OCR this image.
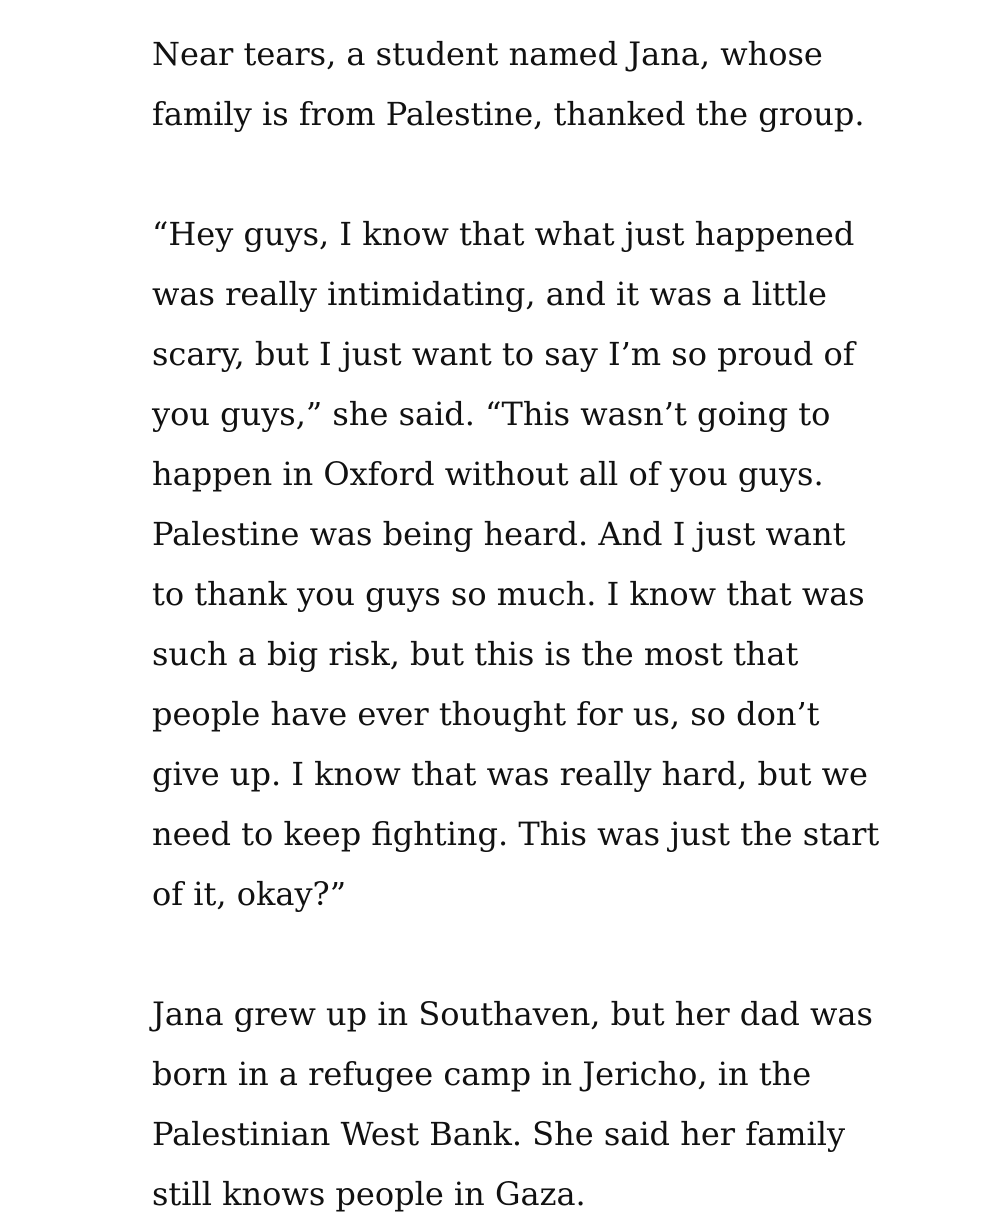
Near tears, a student named Jana, whose
family is from Palestine, thanked the group.

“Hey guys, I know that what just happened
was really intimidating, and it was a little
scary, but I just want to say I’m so proud of
you guys,” she said. “This wasn’t going to
happen in Oxford without all of you guys.
Palestine was being heard. And I just want
to thank you guys so much. I know that was
such a big risk, but this is the most that
people have ever thought for us, so don’t
give up. I know that was really hard, but we
need to keep fighting. This was just the start
of it, okay?”

Jana grew up in Southaven, but her dad was
born in a refugee camp in Jericho, in the
Palestinian West Bank. She said her family
still knows people in Gaza.
